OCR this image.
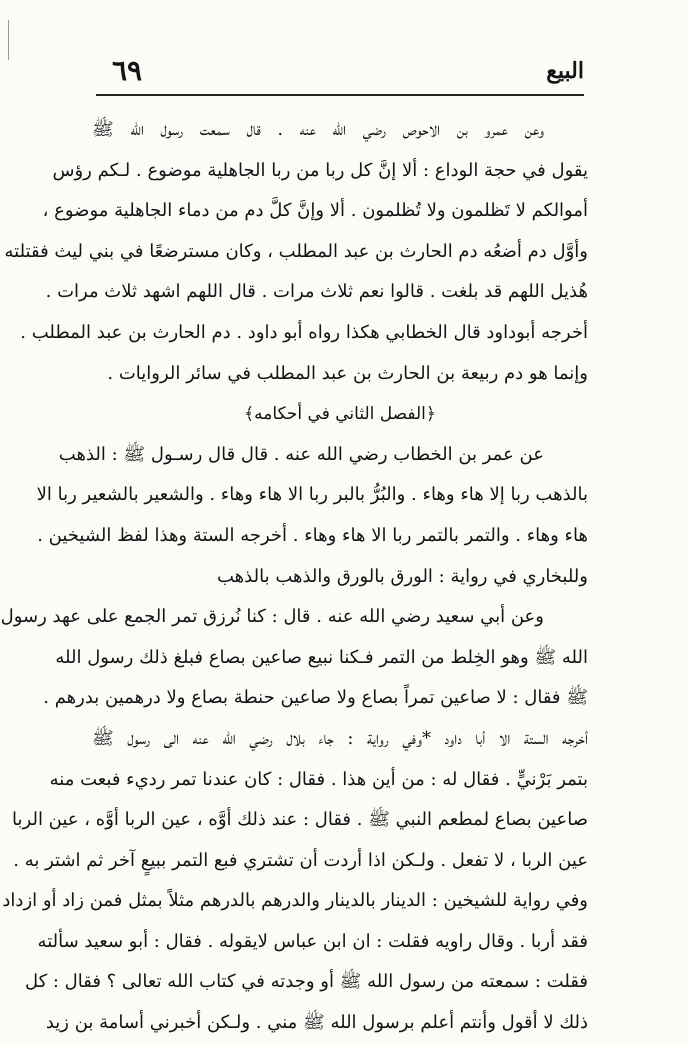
البيع
٦٩
وعن عمرو بن الاحوص رضي الله عنه . قال سمعت رسول الله ﷺ
يقول في حجة الوداع : ألا إنَّ كل ربا من ربا الجاهلية موضوع . لـكم رؤس
أموالكم لا تَظلمون ولا تُظلمون . ألا وإنَّ كلَّ دم من دماء الجاهلية موضوع ،
وأوَّل دم أضعُه دم الحارث بن عبد المطلب ، وكان مسترضعًا في بني ليث فقتلته
هُذيل اللهم قد بلغت . قالوا نعم ثلاث مرات . قال اللهم اشهد ثلاث مرات .
أخرجه أبوداود قال الخطابي هكذا رواه أبو داود . دم الحارث بن عبد المطلب .
وإنما هو دم ربيعة بن الحارث بن عبد المطلب في سائر الروايات .
﴿الفصل الثاني في أحكامه﴾
عن عمر بن الخطاب رضي الله عنه . قال قال رسـول ﷺ : الذهب
بالذهب ربا إلا هاء وهاء . والبُرُّ بالبر ربا الا هاء وهاء . والشعير بالشعير ربا الا
هاء وهاء . والتمر بالتمر ربا الا هاء وهاء . أخرجه الستة وهذا لفظ الشيخين .
وللبخاري في رواية : الورق بالورق والذهب بالذهب
وعن أبي سعيد رضي الله عنه . قال : كنا نُرزق تمر الجمع على عهد رسول
الله ﷺ وهو الخِلط من التمر فـكنا نبيع صاعين بصاع فبلغ ذلك رسول الله
ﷺ فقال : لا صاعين تمراً بصاع ولا صاعين حنطة بصاع ولا درهمين بدرهم .
أخرجه الستة الا أبا داود *وفي رواية : جاء بلال رضي الله عنه الى رسول ﷺ
بتمر بَرْنيٍّ . فقال له : من أين هذا . فقال : كان عندنا تمر رديء فبعت منه
صاعين بصاع لمطعم النبي ﷺ . فقال : عند ذلك أوَّه ، عين الربا أوَّه ، عين الربا
عين الربا ، لا تفعل . ولـكن اذا أردت أن تشتري فبع التمر ببيعٍ آخر ثم اشتر به .
وفي رواية للشيخين : الدينار بالدينار والدرهم بالدرهم مثلاً بمثل فمن زاد أو ازداد
فقد أربا . وقال راويه فقلت : ان ابن عباس لايقوله . فقال : أبو سعيد سألته
فقلت : سمعته من رسول الله ﷺ أو وجدته في كتاب الله تعالى ؟ فقال : كل
ذلك لا أقول وأنتم أعلم برسول الله ﷺ مني . ولـكن أخبرني أسامة بن زيد
